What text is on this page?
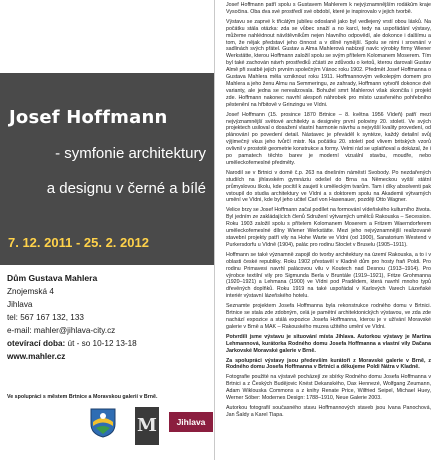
Josef Hoffmann
- symfonie architektury
a designu v černé a bílé
7. 12. 2011 - 25. 2. 2012
Dům Gustava Mahlera
Znojemská 4
Jihlava
tel: 567 167 132, 133
e-mail: mahler@jihlava-city.cz
otevírací doba: út - so 10-12 13-18
www.mahler.cz
Ve spolupráci s městem Brtnice a Moravskou galerií v Brně.
M	Jihlava

Josef Hoffmann patří spolu s Gustavem Mahlerem k nejvýznamnějším rodákům kraje Vysočina. Oba dva své prostředí své období, které je inspirovalo v jejich tvorbě.

Výstavu se zaprvé k třicátým jubileu odoslaně jako byl vedlejený vrstí obou lásků. Na počátku stála otázka: zda se vůbec snaží a no karcí, tedy na uspořádání výstavy, můžeme nahlédnout návštěvníkům nejen hlavního odpovědí, ale dokonce i dalšímu a tom, že nějak představí jeho činnost a v dílně nynější. Spolu se nimi i srovnání v sadlinách svých přátel. Gustav a Alma Mahlerová nabízejí navíc výrobky firmy Wiener Werkstätte, kterou Hoffmann založil spolu se svým přítelem Kolomanem Moserem. Tím byl také zachován návrh prostředků zčásti ze zdůvodu o ketoů, kterou darovali Gustav Almě při svatbě jejich prvním společným Vánoc roku 1902. Předmět Josef Hoffmanna o Gustava Mahlera měla vzniknout roku 1911. Hoffmannovým velkolepým domem pro Mahlera a jeho ženu Almu na Semmeringu, ze zahrady, Hoffmann vytvořil dokonce dvě varianty, ale jedna se nerealizovala. Bohužel smrt Mahlerovi však skončila i projekt zde. Hoffmann nakonec navrhl alespoň náhrobek pro místo uzavřeného pohřebního pěstenění na hřbitově v Grinzingu ve Vídni.

Josef Hoffmann (15. prosince 1870 Brtnice – 8. května 1956 Vídeň) patří mezi nejvýznamnější světové architekty a designéry první poloviny 20. století. Ve svých projektech usiloval o dosažení vlastní harmonie návrhu a nejvyšší kvality provedení, od plánování po povedení detail. Nástavec je převáděl k syntéze, každý detailní svůj výjimečný vkus jeho tvůrčí mistr. Na počátku 20. století pod vlivem britských vzorů ovlivnil v prostotě geometrie konstrukce a formy. Velmi rád se uplatňoval a dokázal, že i po pamatech těchto barev je moderní vizuální stavbu, moudře, nebo uměleckořemeslné předměty.

Narodil se v Brtnici v domě č.p. 263 na dnešním náměstí Svobody. Po nezdařených studiích na jihlavském gymnáziu odešel do Brna na Německou vyšší státní průmyslovou školu, kde pocítil k zaujetí k uměleckým tvarům. Tam i díky absolventi pak vstoupil do studia architektury ve Vídni a s doktorem spolu na Akademii výtvarných umění ve Vídni, kde byl jeho učitel Carl von Hasenauer, později Otto Wagner.

Velice brzy se Josef Hoffmann začal podílet na formování vídeňského kulturního života. Byl jedním ze zakládajících členů Sdružení výtvarných umělců Rakouska – Secession. Roku 1903 založil spolu s přítelem Kolomanem Moserem a Fritzem Waerndorferem uměleckořemeslné dílny Wiener Werkstätte. Mezi jeho nejvýznamnější realizované stavební projekty patří vily na Hohe Warte ve Vídni (od 1900), Sanatorium Westend v Purkersdorfu u Vídně (1904), palác pro rodinu Stoclet v Bruselu (1905–1911).

Hoffmann se také významně zapojil do tvorby architektury na území Rakouska, a to i v oblasti české republiky. Roku 1902 přestavěl v Kladně dům pro hosty fraň Poldi. Pro rodinu Primavesi navrhl palácovou vilu v Koutech nad Desnou (1913–1914). Pro výrobce textilní vily pro Sigmunda Berla v Bruntále (1919–1921), Fritze Grohmanna (1920–1921) a Lehmana (1900) ve Vídni pod Pradědem, která navrhl mnoho typů dřevěných doplňků. Roku 1919 na také uspořádal v Karlových Varech Lázeňské interiér výstavní lázeňského hotelu.

Seznamte projektem Josefa Hoffmanna byla rekonstrukce rodného domu v Brtnici. Brtnice se stala zde zdobným, celá je pamětní architektonických výstavou, ve zda zde nachází expozice a stálá expozice Josefa Hoffmanna, kterou je v užívání Moravské galerie v Brně a MAK – Rakouského muzea užitého umění ve Vídni.

Potvrdili jsme výstavu je situování místa Jihlava. Autorkou výstavy je Martina Lehmannová, kurátorka Rodného domu Josefa Hoffmanna a vlastní vily Dačana Jarkovské Moravské galerie v Brně.

Za spolupráci výstavy jsou především kurátoři z Moravské galerie v Brně, z Rodného domu Josefa Hoffmanna v Brtnici a děkujeme Poldi Nátra v Kladně.

Fotografie použité na výstavě pocházejí ze sbírky Rodného domu Josefa Hoffmanna v Brtnici a z Českých Budějovic Knést Dekanského, Dax Hennezé, Wolfgang Zeumann, Adam Wiklouska Commons a z knihy Renate Price, Wilfried Seipel, Michael Huey, Werner Söber: Modernes Design: 1788–1910, Neue Galerie 2003.

Autorkou fotografií současného stavu Hoffmannových staveb jsou Ivana Panochová, Jan Šaldy a Karel Tlapa.
